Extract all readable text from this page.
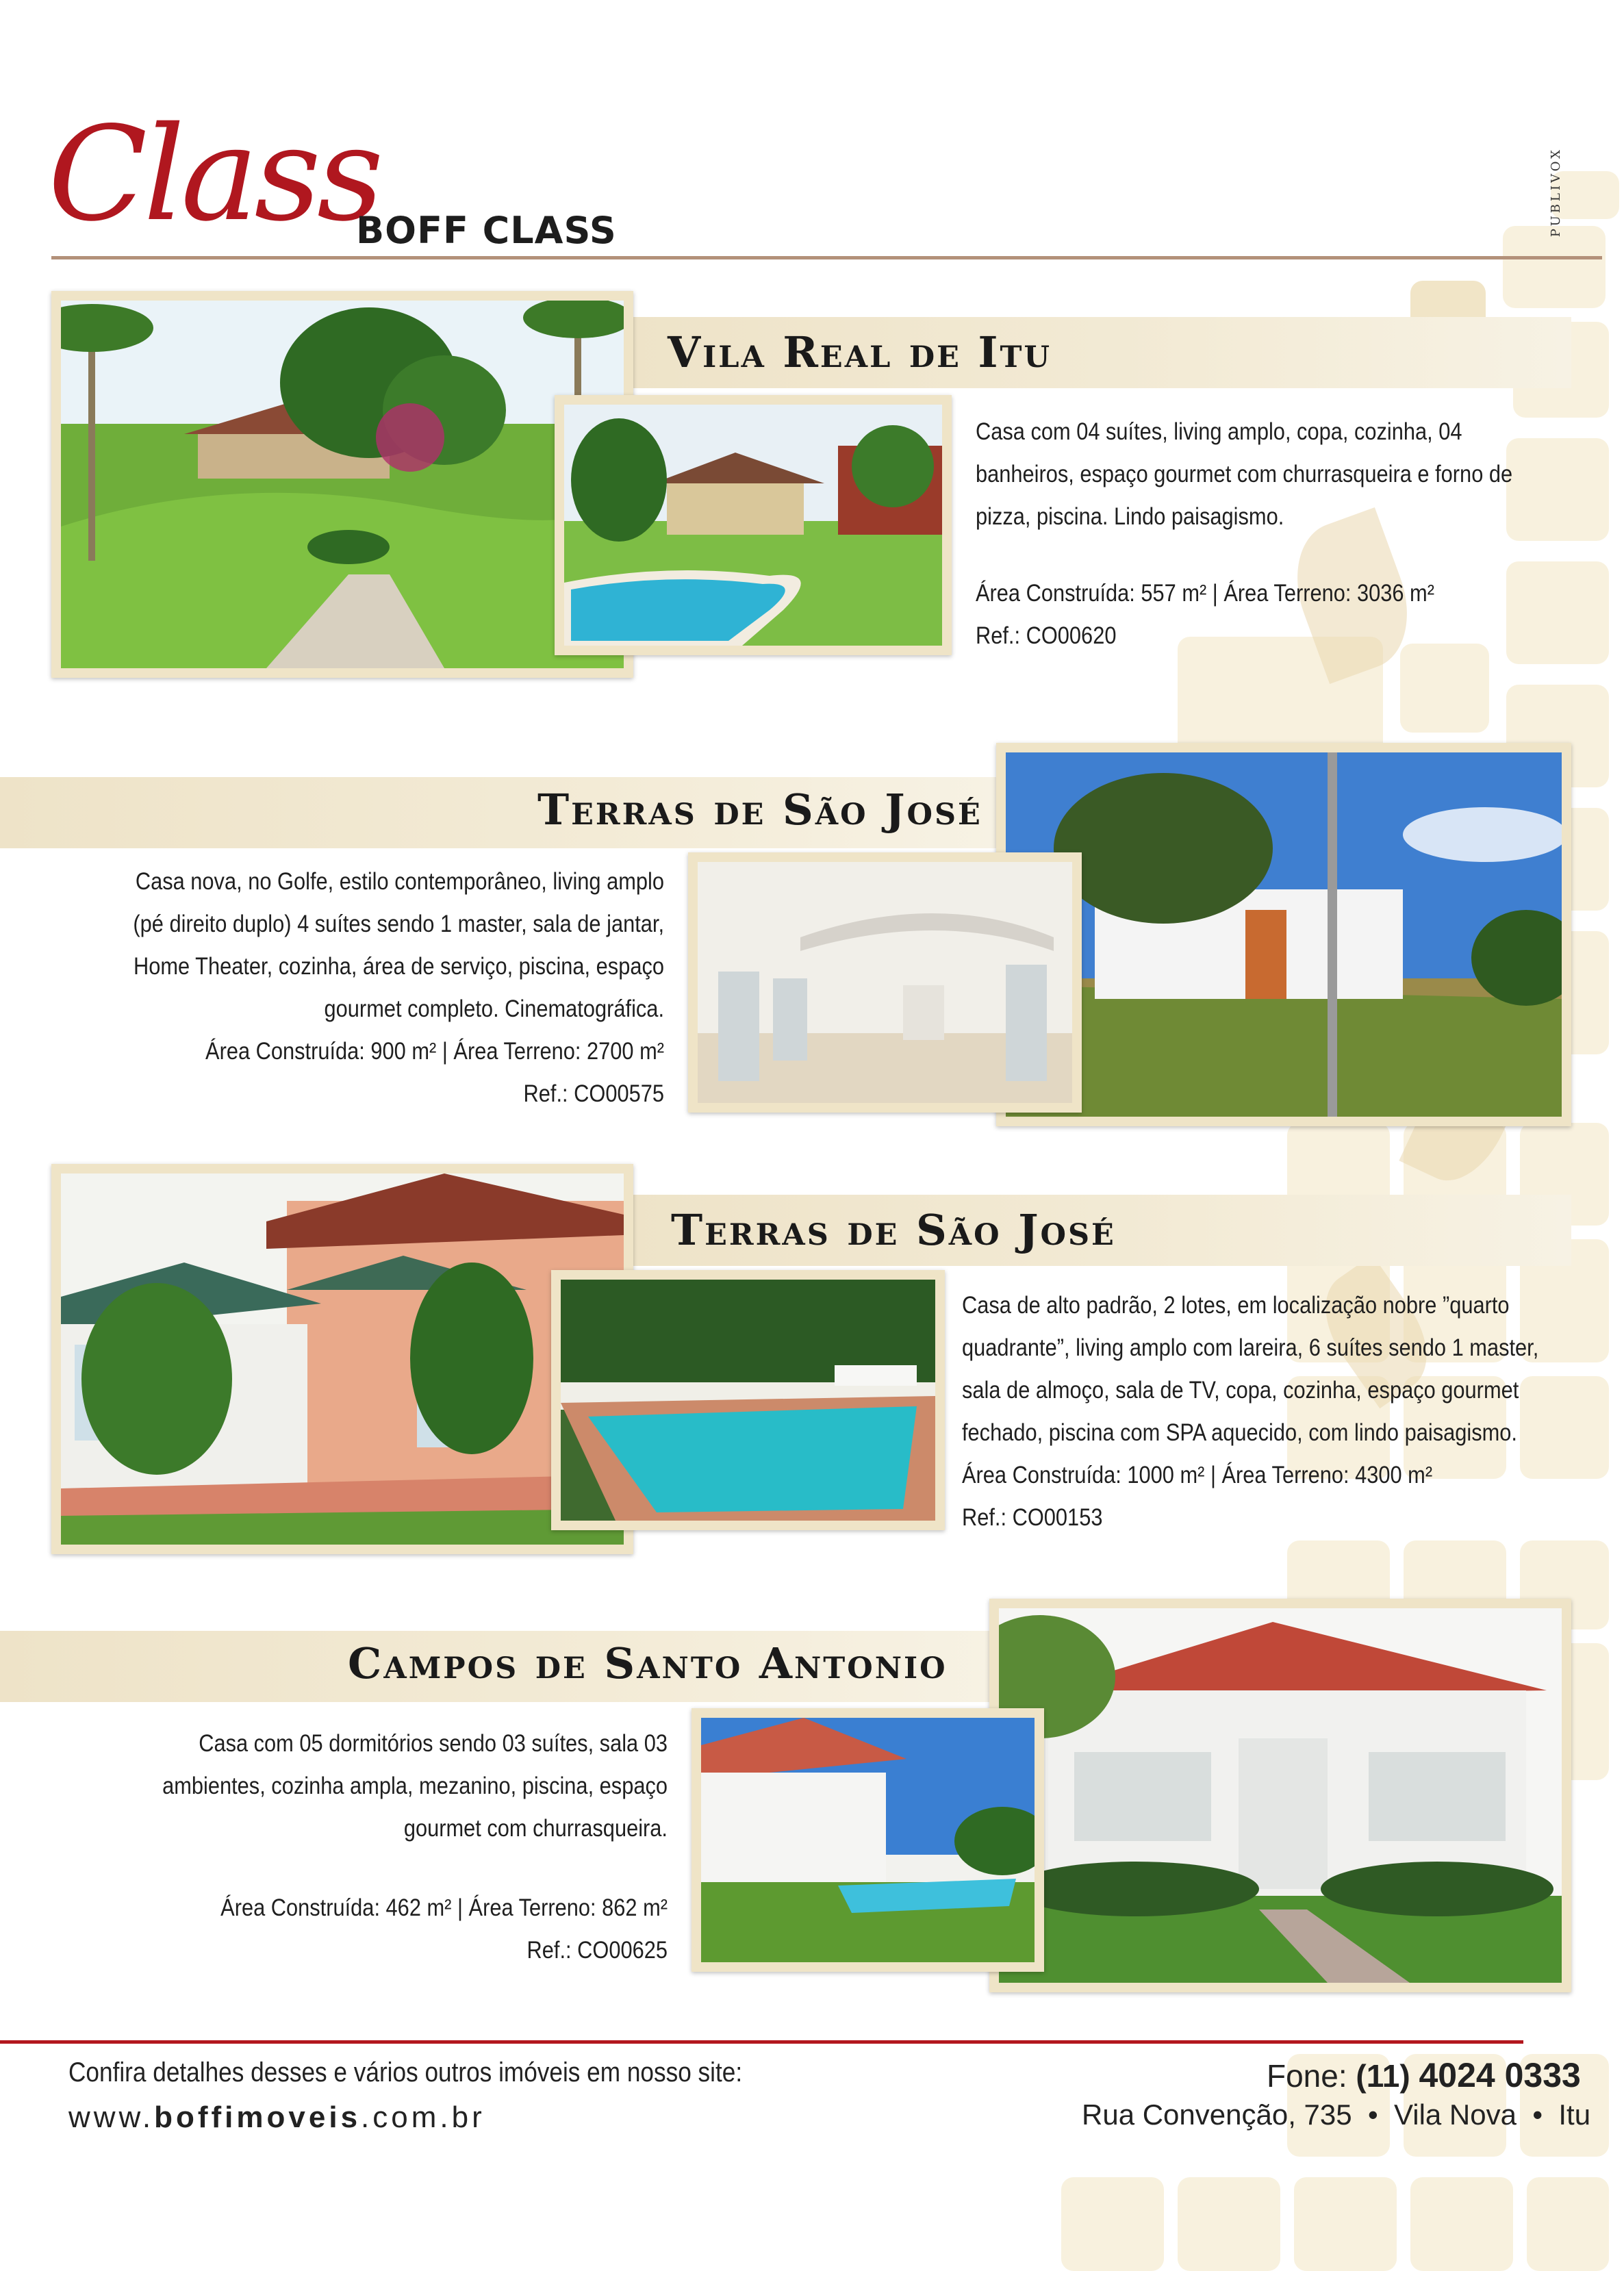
Class
BOFF CLASS	PUBLIVOX
Vila Real de Itu

Casa com 04 suítes, living amplo, copa, cozinha, 04 banheiros, espaço gourmet com churrasqueira e forno de pizza, piscina. Lindo paisagismo.

Área Construída: 557 m² | Área Terreno: 3036 m²

Ref.: CO00620

Terras de São José

Casa nova, no Golfe, estilo contemporâneo, living amplo (pé direito duplo) 4 suítes sendo 1 master, sala de jantar, Home Theater, cozinha, área de serviço, piscina, espaço gourmet completo. Cinematográfica.

Área Construída: 900 m² | Área Terreno: 2700 m²

Ref.: CO00575

Terras de São José

Casa de alto padrão, 2 lotes, em localização nobre ”quarto quadrante”, living amplo com lareira, 6 suítes sendo 1 master, sala de almoço, sala de TV, copa, cozinha, espaço gourmet fechado, piscina com SPA aquecido, com lindo paisagismo.

Área Construída: 1000 m² | Área Terreno: 4300 m²

Ref.: CO00153

Campos de Santo Antonio

Casa com 05 dormitórios sendo 03 suítes, sala 03 ambientes, cozinha ampla, mezanino, piscina, espaço gourmet com churrasqueira.

Área Construída: 462 m² | Área Terreno: 862 m²

Ref.: CO00625

Confira detalhes desses e vários outros imóveis em nosso site:
www.boffimoveis.com.br
Fone: (11) 4024 0333
Rua Convenção, 735  •  Vila Nova  •  Itu
